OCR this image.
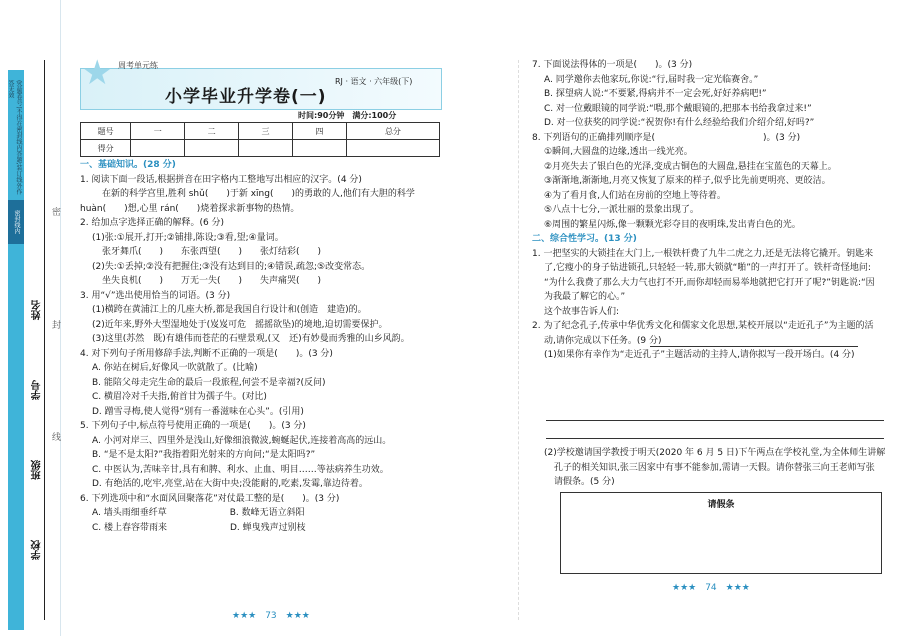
(答题卷号)不得在密封线内答题;装订线外作答无效
密封线内
姓名
学号
班级
学校
密
封
线
★ 周考单元练
小学毕业升学卷(一)
RJ · 语文 · 六年级(下)
时间:90分钟　满分:100分
题号	一	二	三	四	总分
得分					

一、基础知识。(28 分)

1. 阅读下面一段话,根据拼音在田字格内工整地写出相应的汉字。(4 分)

在新的科学宫里,胜利 shǔ(　　)于新 xīng(　　)的勇敢的人,他们有大胆的科学

huàn(　　)想,心里 rán(　　)烧着探求新事物的热情。

2. 给加点字选择正确的解释。(6 分)

(1)张:①展开,打开;②铺排,陈设;③看,望;④量词。

张牙舞爪(　　)　　东张西望(　　)　　张灯结彩(　　)

(2)失:①丢掉;②没有把握住;③没有达到目的;④错误,疏忽;⑤改变常态。

坐失良机(　　)　　万无一失(　　)　　失声痛哭(　　)

3. 用“√”选出使用恰当的词语。(3 分)

(1)横跨在黄浦江上的几座大桥,都是我国自行设计和(创造　建造)的。

(2)近年来,野外大型湿地处于(岌岌可危　摇摇欲坠)的境地,迫切需要保护。

(3)这里(苏然　既)有雄伟而苍茫的石壁景观,(又　还)有妙曼而秀雅的山乡风韵。

4. 对下列句子所用修辞手法,判断不正确的一项是(　　)。(3 分)

A. 你站在树后,好像风一吹就散了。(比喻)

B. 能陪父母走完生命的最后一段旅程,何尝不是幸福?(反问)

C. 横眉冷对千夫指,俯首甘为孺子牛。(对比)

D. 蹭雪寻梅,使人觉得“别有一番滋味在心头”。(引用)

5. 下列句子中,标点符号使用正确的一项是(　　)。(3 分)

A. 小河对岸三、四里外是浅山,好像细浪微波,蜿蜒起伏,连接着高高的远山。

B. “是不是太阳?”我指着阳光射来的方向问;“是太阳吗?”

C. 中医认为,苦味辛甘,具有和脾、利水、止血、明目……等祛病养生功效。

D. 有绝活的,吃牢,亮堂,站在大街中央;没能耐的,吃素,发霉,靠边待着。

6. 下列选项中和“水面风回聚落花”对仗最工整的是(　　)。(3 分)

A. 墙头雨细垂纤草　　　　　　　B. 数峰无语立斜阳

C. 楼上春容带雨来　　　　　　　D. 蝉曳残声过别枝

★★★　73　★★★

7. 下面说法得体的一项是(　　)。(3 分)

A. 同学邀你去他家玩,你说:“行,届时我一定光临赛舍。”

B. 探望病人说:“不要紧,得病并不一定会死,好好养病吧!”

C. 对一位戴眼镜的同学说:“喂,那个戴眼镜的,把那本书给我拿过来!”

D. 对一位获奖的同学说:“祝贺你!有什么经验给我们介绍介绍,好吗?”

8. 下列语句的正确排列顺序是(　　　　　　　　　　　　)。(3 分)

①瞬间,大圆盘的边缘,透出一线光亮。

②月亮失去了银白色的光泽,变成古铜色的大圆盘,悬挂在宝蓝色的天幕上。

③渐渐地,渐渐地,月亮又恢复了原来的样子,似乎比先前更明亮、更皎洁。

④为了看月食,人们站在房前的空地上等待着。

⑤八点十七分,一派壮丽的景象出现了。

⑥周围的繁星闪烁,像一颗颗光彩夺目的夜明珠,发出青白色的光。

二、综合性学习。(13 分)

1. 一把坚实的大锁挂在大门上,一根铁杆费了九牛二虎之力,还是无法将它撬开。钥匙来

了,它瘦小的身子钻进锁孔,只轻轻一转,那大锁就“啪”的一声打开了。铁杆奇怪地问:

“为什么我费了那么大力气也打不开,而你却轻而易举地就把它打开了呢?”钥匙说:“因

为我最了解它的心。”

这个故事告诉人们:

2. 为了纪念孔子,传承中华优秀文化和儒家文化思想,某校开展以“走近孔子”为主题的活

动,请你完成以下任务。(9 分)

(1)如果你有幸作为“走近孔子”主题活动的主持人,请你拟写一段开场白。(4 分)

(2)学校邀请国学教授于明天(2020 年 6 月 5 日)下午两点在学校礼堂,为全体师生讲解

孔子的相关知识,张三因家中有事不能参加,需请一天假。请你替张三向王老师写张

请假条。(5 分)

请假条
★★★　74　★★★
